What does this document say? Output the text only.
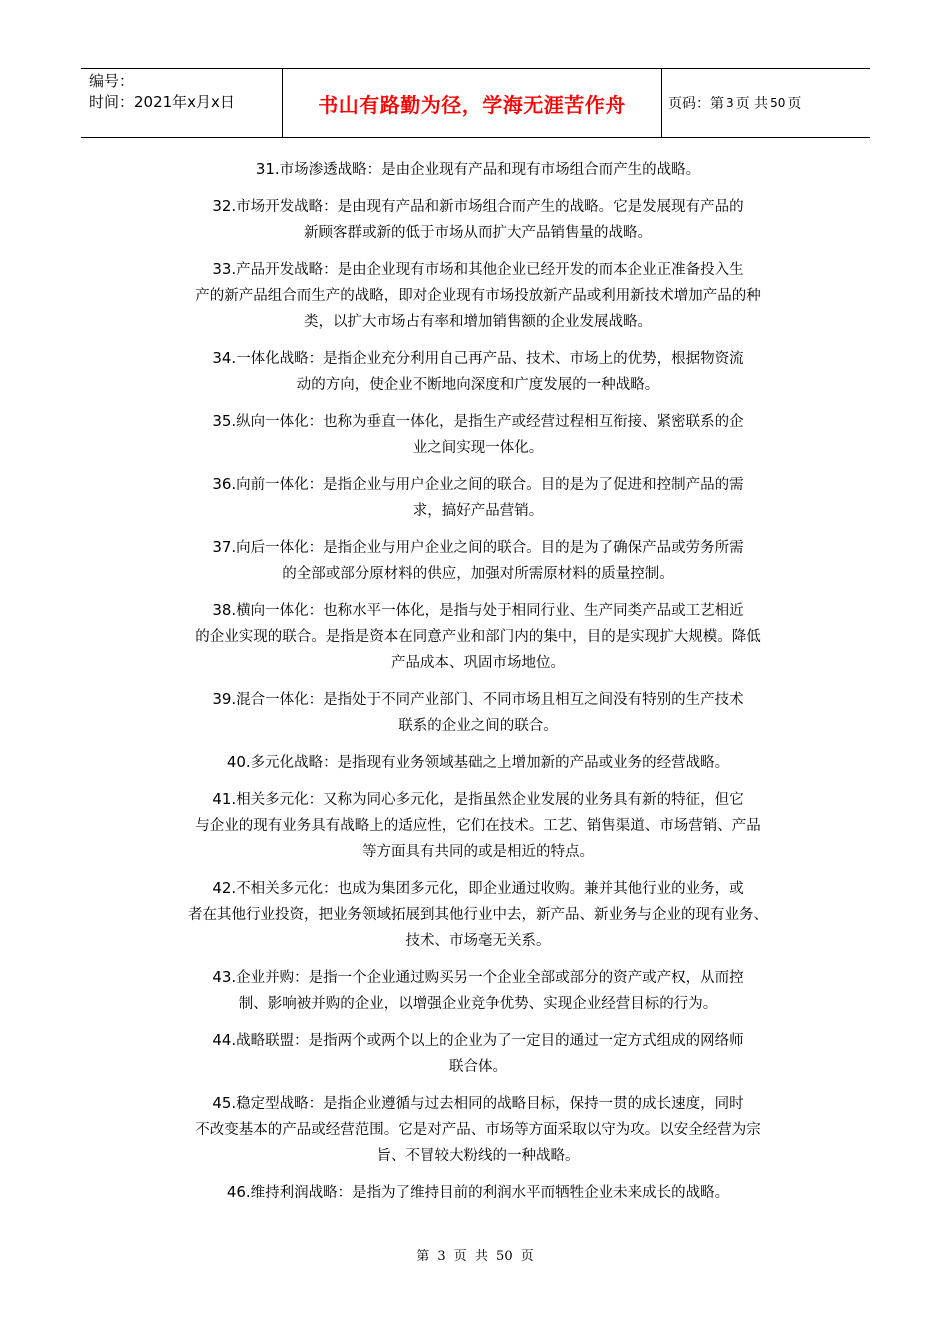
编号：
时间：2021年x月x日	书山有路勤为径，学海无涯苦作舟	页码：第 3 页 共 50 页
31.市场渗透战略：是由企业现有产品和现有市场组合而产生的战略。
32.市场开发战略：是由现有产品和新市场组合而产生的战略。它是发展现有产品的
新顾客群或新的低于市场从而扩大产品销售量的战略。
33.产品开发战略：是由企业现有市场和其他企业已经开发的而本企业正准备投入生
产的新产品组合而生产的战略，即对企业现有市场投放新产品或利用新技术增加产品的种
类，以扩大市场占有率和增加销售额的企业发展战略。
34.一体化战略：是指企业充分利用自己再产品、技术、市场上的优势，根据物资流
动的方向，使企业不断地向深度和广度发展的一种战略。
35.纵向一体化：也称为垂直一体化，是指生产或经营过程相互衔接、紧密联系的企
业之间实现一体化。
36.向前一体化：是指企业与用户企业之间的联合。目的是为了促进和控制产品的需
求，搞好产品营销。
37.向后一体化：是指企业与用户企业之间的联合。目的是为了确保产品或劳务所需
的全部或部分原材料的供应，加强对所需原材料的质量控制。
38.横向一体化：也称水平一体化，是指与处于相同行业、生产同类产品或工艺相近
的企业实现的联合。是指是资本在同意产业和部门内的集中，目的是实现扩大规模。降低
产品成本、巩固市场地位。
39.混合一体化：是指处于不同产业部门、不同市场且相互之间没有特别的生产技术
联系的企业之间的联合。
40.多元化战略：是指现有业务领域基础之上增加新的产品或业务的经营战略。
41.相关多元化：又称为同心多元化，是指虽然企业发展的业务具有新的特征，但它
与企业的现有业务具有战略上的适应性，它们在技术。工艺、销售渠道、市场营销、产品
等方面具有共同的或是相近的特点。
42.不相关多元化：也成为集团多元化，即企业通过收购。兼并其他行业的业务，或
者在其他行业投资，把业务领域拓展到其他行业中去，新产品、新业务与企业的现有业务、
技术、市场毫无关系。
43.企业并购：是指一个企业通过购买另一个企业全部或部分的资产或产权，从而控
制、影响被并购的企业，以增强企业竞争优势、实现企业经营目标的行为。
44.战略联盟：是指两个或两个以上的企业为了一定目的通过一定方式组成的网络师
联合体。
45.稳定型战略：是指企业遵循与过去相同的战略目标，保持一贯的成长速度，同时
不改变基本的产品或经营范围。它是对产品、市场等方面采取以守为攻。以安全经营为宗
旨、不冒较大粉线的一种战略。
46.维持利润战略：是指为了维持目前的利润水平而牺牲企业未来成长的战略。
第 3 页 共 50 页
